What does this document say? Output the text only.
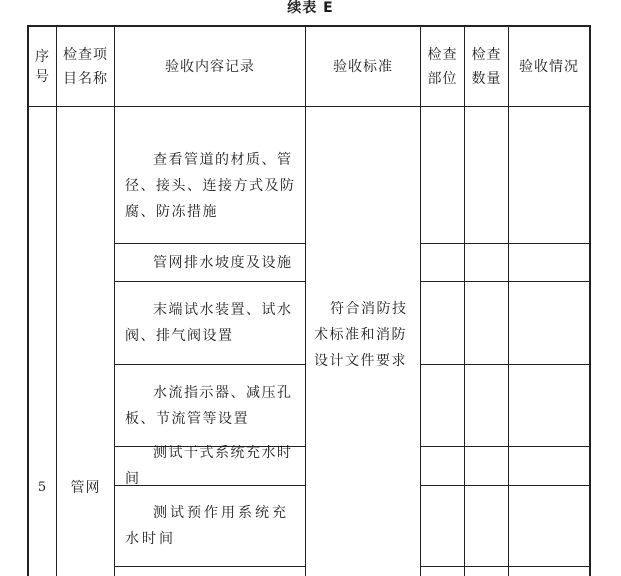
续表 E
序号
检查项目名称
验收内容记录	验收标准
检查部位
检查数量
验收情况
5 管网
符合消防技术标准和消防设计文件要求
查看管道的材质、管径、接头、连接方式及防腐、防冻措施
管网排水坡度及设施
末端试水装置、试水阀、排气阀设置
水流指示器、减压孔板、节流管等设置
测试干式系统充水时间
测试预作用系统充水时间
